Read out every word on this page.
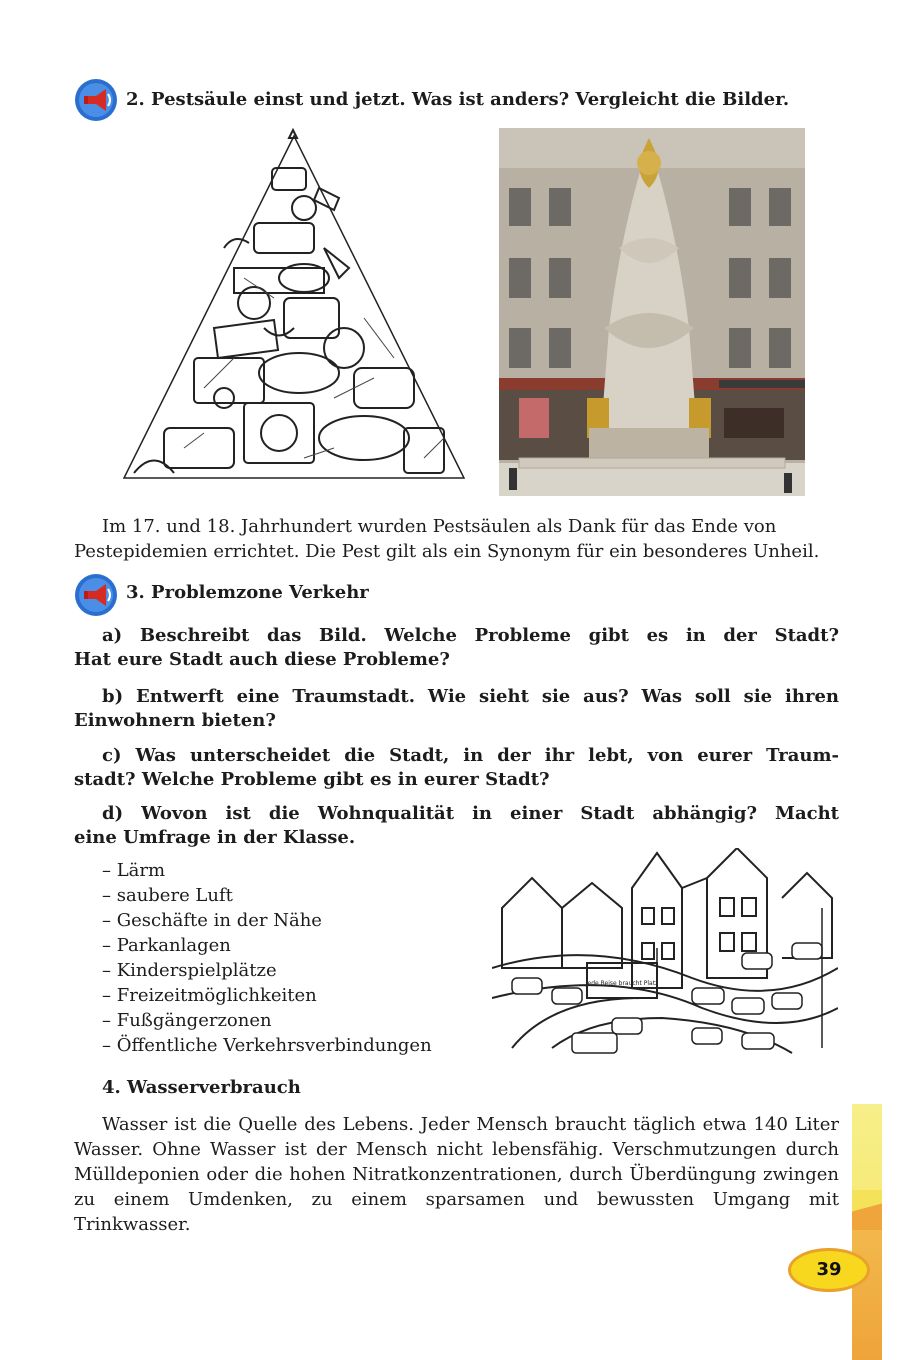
39
2. Pestsäule einst und jetzt. Was ist anders? Vergleicht die Bilder.
Im 17. und 18. Jahrhundert wurden Pestsäulen als Dank für das Ende von
Pestepidemien errichtet. Die Pest gilt als ein Synonym für ein besonderes Unheil.
3. Problemzone Verkehr
a) Beschreibt das Bild. Welche Probleme gibt es in der Stadt?
Hat eure Stadt auch diese Probleme?
b) Entwerft eine Traumstadt. Wie sieht sie aus? Was soll sie ihren
Einwohnern bieten?
c) Was unterscheidet die Stadt, in der ihr lebt, von eurer Traum-
stadt? Welche Probleme gibt es in eurer Stadt?
d) Wovon ist die Wohnqualität in einer Stadt abhängig? Macht
eine Umfrage in der Klasse.
– Lärm
– saubere Luft
– Geschäfte in der Nähe
– Parkanlagen
– Kinderspielplätze
– Freizeitmöglichkeiten
– Fußgängerzonen
– Öffentliche Verkehrsverbindungen
Jede Reise braucht Platz
4. Wasserverbrauch
Wasser ist die Quelle des Lebens. Jeder Mensch braucht täglich etwa 140 Liter Wasser. Ohne Wasser ist der Mensch nicht lebensfähig. Verschmutzungen durch Mülldeponien oder die hohen Nitratkonzentrationen, durch Überdüngung zwingen zu einem Umdenken, zu einem sparsamen und bewussten Umgang mit Trinkwasser.
